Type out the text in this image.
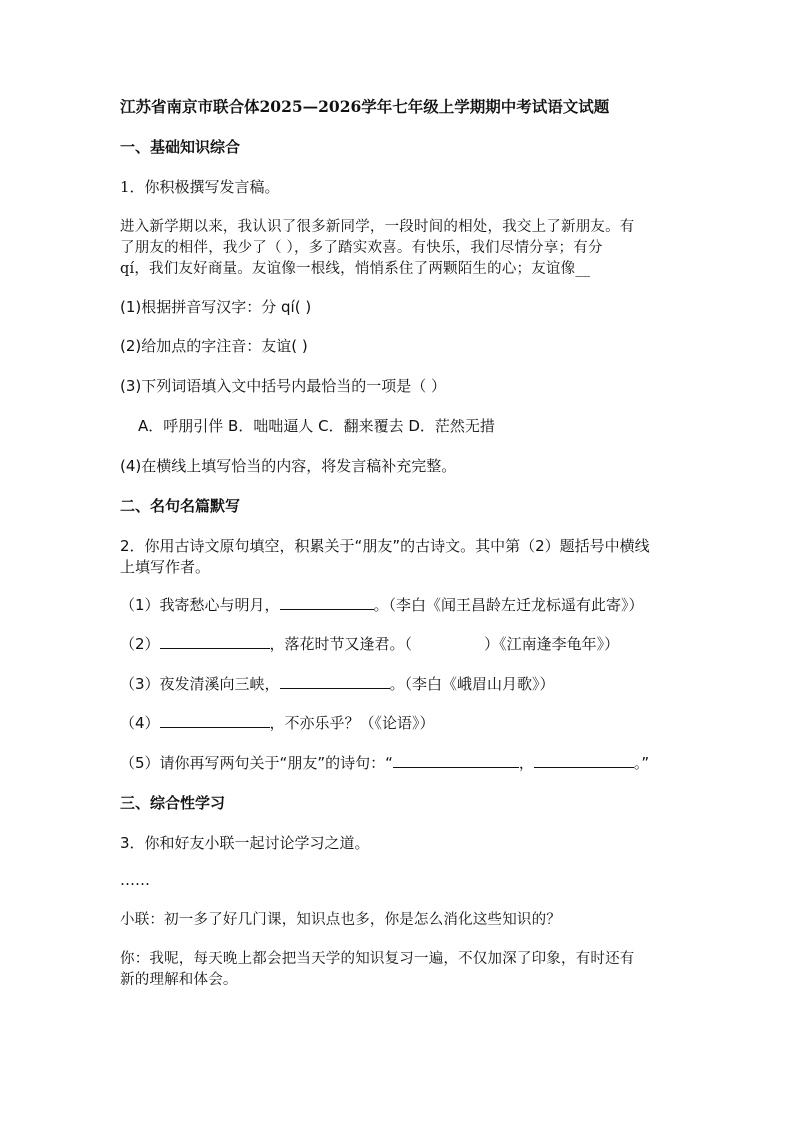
江苏省南京市联合体2025—2026学年七年级上学期期中考试语文试题
一、基础知识综合
1．你积极撰写发言稿。
进入新学期以来，我认识了很多新同学，一段时间的相处，我交上了新朋友。有
了朋友的相伴，我少了（ ），多了踏实欢喜。有快乐，我们尽情分享；有分
qí，我们友好商量。友谊像一根线，悄悄系住了两颗陌生的心；友谊像__
(1)根据拼音写汉字：分 qí( )
(2)给加点的字注音：友谊( )
(3)下列词语填入文中括号内最恰当的一项是（ ）
A．呼朋引伴 B．咄咄逼人 C．翻来覆去 D．茫然无措
(4)在横线上填写恰当的内容，将发言稿补充完整。
二、名句名篇默写
2．你用古诗文原句填空，积累关于“朋友”的古诗文。其中第（2）题括号中横线
上填写作者。
（1）我寄愁心与明月，	。（李白《闻王昌龄左迁龙标遥有此寄》）
（2）	，落花时节又逢君。（	）《江南逢李龟年》）
（3）夜发清溪向三峡，	。（李白《峨眉山月歌》）
（4）	，不亦乐乎？（《论语》）
（5）请你再写两句关于“朋友”的诗句：“	，	。”
三、综合性学习
3．你和好友小联一起讨论学习之道。
……
小联：初一多了好几门课，知识点也多，你是怎么消化这些知识的？
你：我呢，每天晚上都会把当天学的知识复习一遍，不仅加深了印象，有时还有
新的理解和体会。
